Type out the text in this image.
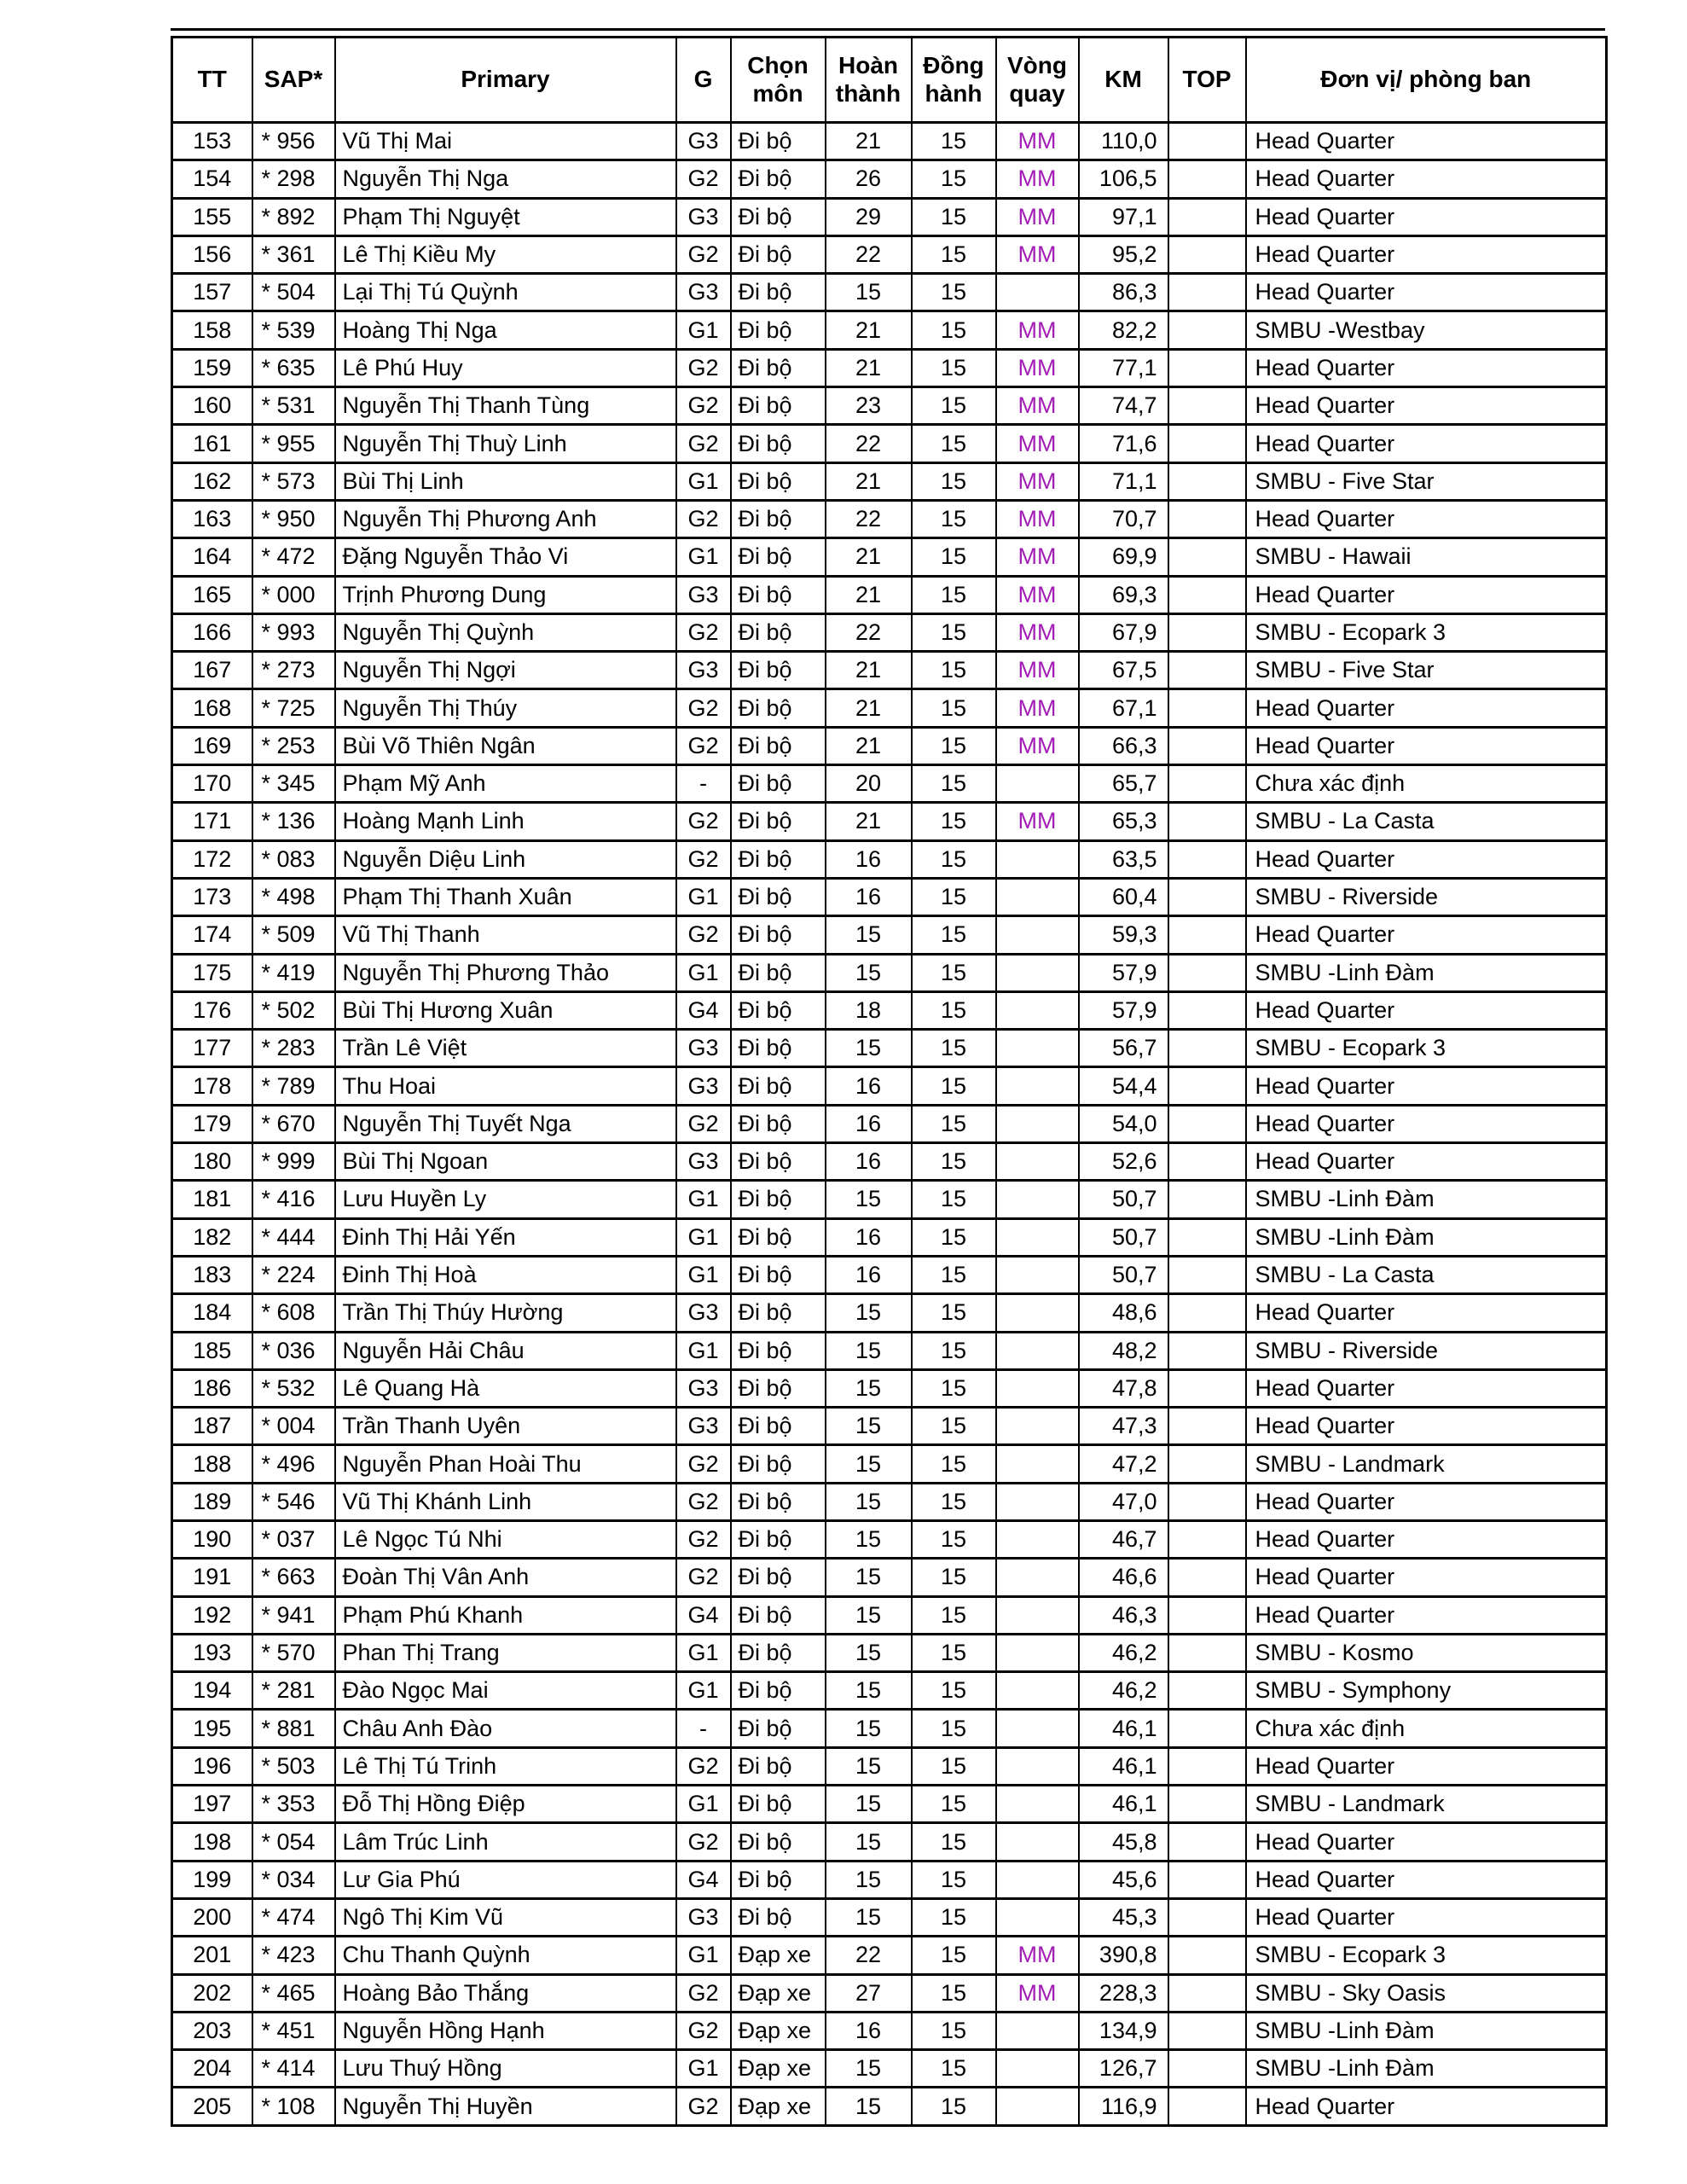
TT	SAP*	Primary	G	Chọn môn	Hoàn thành	Đồng hành	Vòng quay	KM	TOP	Đơn vị/ phòng ban
153	* 956	Vũ Thị Mai	G3	Đi bộ	21	15	MM	110,0		Head Quarter
154	* 298	Nguyễn Thị Nga	G2	Đi bộ	26	15	MM	106,5		Head Quarter
155	* 892	Phạm Thị Nguyệt	G3	Đi bộ	29	15	MM	97,1		Head Quarter
156	* 361	Lê Thị Kiều My	G2	Đi bộ	22	15	MM	95,2		Head Quarter
157	* 504	Lại Thị Tú Quỳnh	G3	Đi bộ	15	15		86,3		Head Quarter
158	* 539	Hoàng Thị Nga	G1	Đi bộ	21	15	MM	82,2		SMBU -Westbay
159	* 635	Lê Phú Huy	G2	Đi bộ	21	15	MM	77,1		Head Quarter
160	* 531	Nguyễn Thị Thanh Tùng	G2	Đi bộ	23	15	MM	74,7		Head Quarter
161	* 955	Nguyễn Thị Thuỳ Linh	G2	Đi bộ	22	15	MM	71,6		Head Quarter
162	* 573	Bùi Thị Linh	G1	Đi bộ	21	15	MM	71,1		SMBU - Five Star
163	* 950	Nguyễn Thị Phương Anh	G2	Đi bộ	22	15	MM	70,7		Head Quarter
164	* 472	Đặng Nguyễn Thảo Vi	G1	Đi bộ	21	15	MM	69,9		SMBU - Hawaii
165	* 000	Trịnh Phương Dung	G3	Đi bộ	21	15	MM	69,3		Head Quarter
166	* 993	Nguyễn Thị Quỳnh	G2	Đi bộ	22	15	MM	67,9		SMBU - Ecopark 3
167	* 273	Nguyễn Thị Ngợi	G3	Đi bộ	21	15	MM	67,5		SMBU - Five Star
168	* 725	Nguyễn Thị Thúy	G2	Đi bộ	21	15	MM	67,1		Head Quarter
169	* 253	Bùi Võ Thiên Ngân	G2	Đi bộ	21	15	MM	66,3		Head Quarter
170	* 345	Phạm Mỹ Anh	-	Đi bộ	20	15		65,7		Chưa xác định
171	* 136	Hoàng Mạnh Linh	G2	Đi bộ	21	15	MM	65,3		SMBU - La Casta
172	* 083	Nguyễn Diệu Linh	G2	Đi bộ	16	15		63,5		Head Quarter
173	* 498	Phạm Thị Thanh Xuân	G1	Đi bộ	16	15		60,4		SMBU - Riverside
174	* 509	Vũ Thị Thanh	G2	Đi bộ	15	15		59,3		Head Quarter
175	* 419	Nguyễn Thị Phương Thảo	G1	Đi bộ	15	15		57,9		SMBU -Linh Đàm
176	* 502	Bùi Thị Hương Xuân	G4	Đi bộ	18	15		57,9		Head Quarter
177	* 283	Trần Lê Việt	G3	Đi bộ	15	15		56,7		SMBU - Ecopark 3
178	* 789	Thu Hoai	G3	Đi bộ	16	15		54,4		Head Quarter
179	* 670	Nguyễn Thị Tuyết Nga	G2	Đi bộ	16	15		54,0		Head Quarter
180	* 999	Bùi Thị Ngoan	G3	Đi bộ	16	15		52,6		Head Quarter
181	* 416	Lưu Huyền Ly	G1	Đi bộ	15	15		50,7		SMBU -Linh Đàm
182	* 444	Đinh Thị Hải Yến	G1	Đi bộ	16	15		50,7		SMBU -Linh Đàm
183	* 224	Đinh Thị Hoà	G1	Đi bộ	16	15		50,7		SMBU - La Casta
184	* 608	Trần Thị Thúy Hường	G3	Đi bộ	15	15		48,6		Head Quarter
185	* 036	Nguyễn Hải Châu	G1	Đi bộ	15	15		48,2		SMBU - Riverside
186	* 532	Lê Quang Hà	G3	Đi bộ	15	15		47,8		Head Quarter
187	* 004	Trần Thanh Uyên	G3	Đi bộ	15	15		47,3		Head Quarter
188	* 496	Nguyễn Phan Hoài Thu	G2	Đi bộ	15	15		47,2		SMBU - Landmark
189	* 546	Vũ Thị Khánh Linh	G2	Đi bộ	15	15		47,0		Head Quarter
190	* 037	Lê Ngọc Tú Nhi	G2	Đi bộ	15	15		46,7		Head Quarter
191	* 663	Đoàn Thị Vân Anh	G2	Đi bộ	15	15		46,6		Head Quarter
192	* 941	Phạm Phú Khanh	G4	Đi bộ	15	15		46,3		Head Quarter
193	* 570	Phan Thị Trang	G1	Đi bộ	15	15		46,2		SMBU - Kosmo
194	* 281	Đào Ngọc Mai	G1	Đi bộ	15	15		46,2		SMBU - Symphony
195	* 881	Châu Anh Đào	-	Đi bộ	15	15		46,1		Chưa xác định
196	* 503	Lê Thị Tú Trinh	G2	Đi bộ	15	15		46,1		Head Quarter
197	* 353	Đỗ Thị Hồng Điệp	G1	Đi bộ	15	15		46,1		SMBU - Landmark
198	* 054	Lâm Trúc Linh	G2	Đi bộ	15	15		45,8		Head Quarter
199	* 034	Lư Gia Phú	G4	Đi bộ	15	15		45,6		Head Quarter
200	* 474	Ngô Thị Kim Vũ	G3	Đi bộ	15	15		45,3		Head Quarter
201	* 423	Chu Thanh Quỳnh	G1	Đạp xe	22	15	MM	390,8		SMBU - Ecopark 3
202	* 465	Hoàng Bảo Thắng	G2	Đạp xe	27	15	MM	228,3		SMBU - Sky Oasis
203	* 451	Nguyễn Hồng Hạnh	G2	Đạp xe	16	15		134,9		SMBU -Linh Đàm
204	* 414	Lưu Thuý Hồng	G1	Đạp xe	15	15		126,7		SMBU -Linh Đàm
205	* 108	Nguyễn Thị Huyền	G2	Đạp xe	15	15		116,9		Head Quarter
